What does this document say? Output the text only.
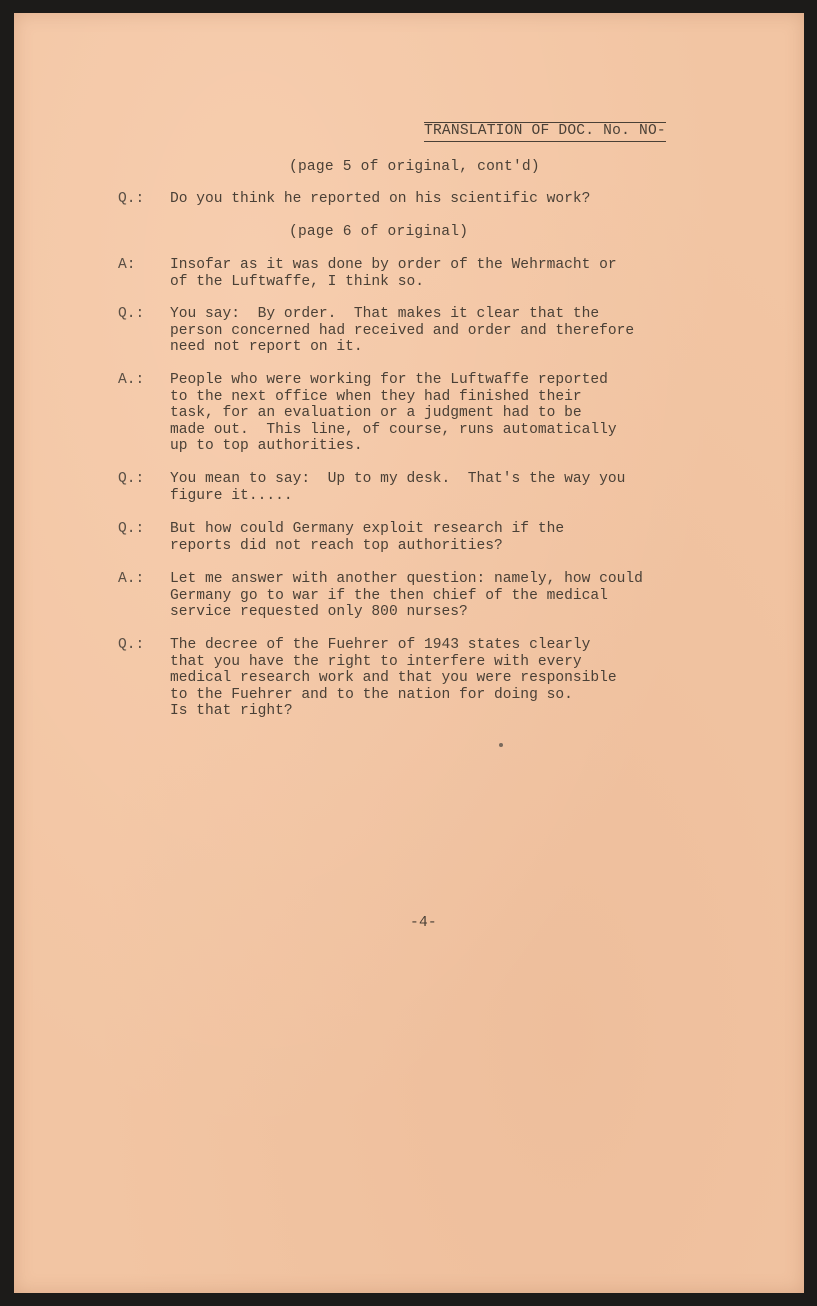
TRANSLATION OF DOC. No. NO-
(page 5 of original, cont'd)
Q.:	Do you think he reported on his scientific work?
(page 6 of original)
A:	Insofar as it was done by order of the Wehrmacht or
of the Luftwaffe, I think so.
Q.:	You say:  By order.  That makes it clear that the
person concerned had received and order and therefore
need not report on it.
A.:	People who were working for the Luftwaffe reported
to the next office when they had finished their
task, for an evaluation or a judgment had to be
made out.  This line, of course, runs automatically
up to top authorities.
Q.:	You mean to say:  Up to my desk.  That's the way you
figure it.....
Q.:	But how could Germany exploit research if the
reports did not reach top authorities?
A.:	Let me answer with another question: namely, how could
Germany go to war if the then chief of the medical
service requested only 800 nurses?
Q.:	The decree of the Fuehrer of 1943 states clearly
that you have the right to interfere with every
medical research work and that you were responsible
to the Fuehrer and to the nation for doing so.
Is that right?
-4-
